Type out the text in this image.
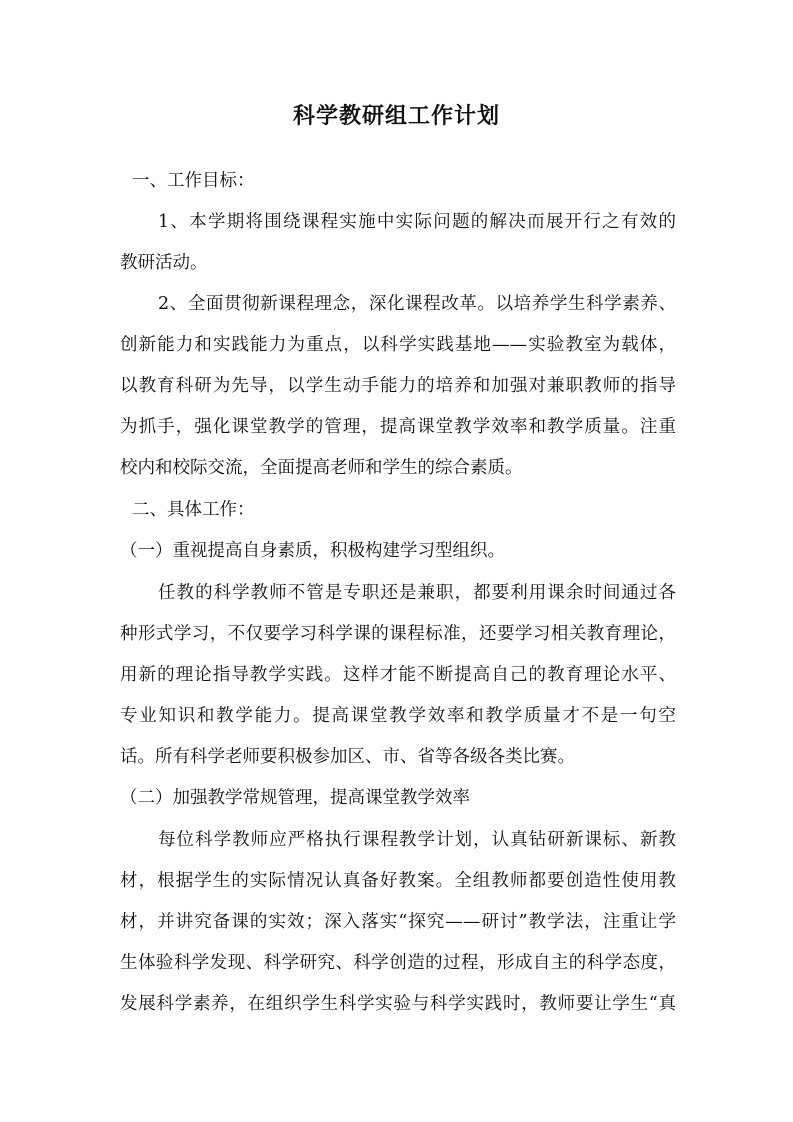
科学教研组工作计划
一、工作目标：
1、本学期将围绕课程实施中实际问题的解决而展开行之有效的
教研活动。
2、全面贯彻新课程理念，深化课程改革。以培养学生科学素养、
创新能力和实践能力为重点，以科学实践基地——实验教室为载体，
以教育科研为先导，以学生动手能力的培养和加强对兼职教师的指导
为抓手，强化课堂教学的管理，提高课堂教学效率和教学质量。注重
校内和校际交流，全面提高老师和学生的综合素质。
二、具体工作：
（一）重视提高自身素质，积极构建学习型组织。
任教的科学教师不管是专职还是兼职，都要利用课余时间通过各
种形式学习，不仅要学习科学课的课程标准，还要学习相关教育理论，
用新的理论指导教学实践。这样才能不断提高自己的教育理论水平、
专业知识和教学能力。提高课堂教学效率和教学质量才不是一句空
话。所有科学老师要积极参加区、市、省等各级各类比赛。
（二）加强教学常规管理，提高课堂教学效率
每位科学教师应严格执行课程教学计划，认真钻研新课标、新教
材，根据学生的实际情况认真备好教案。全组教师都要创造性使用教
材，并讲究备课的实效；深入落实“探究——研讨”教学法，注重让学
生体验科学发现、科学研究、科学创造的过程，形成自主的科学态度，
发展科学素养，在组织学生科学实验与科学实践时，教师要让学生“真
